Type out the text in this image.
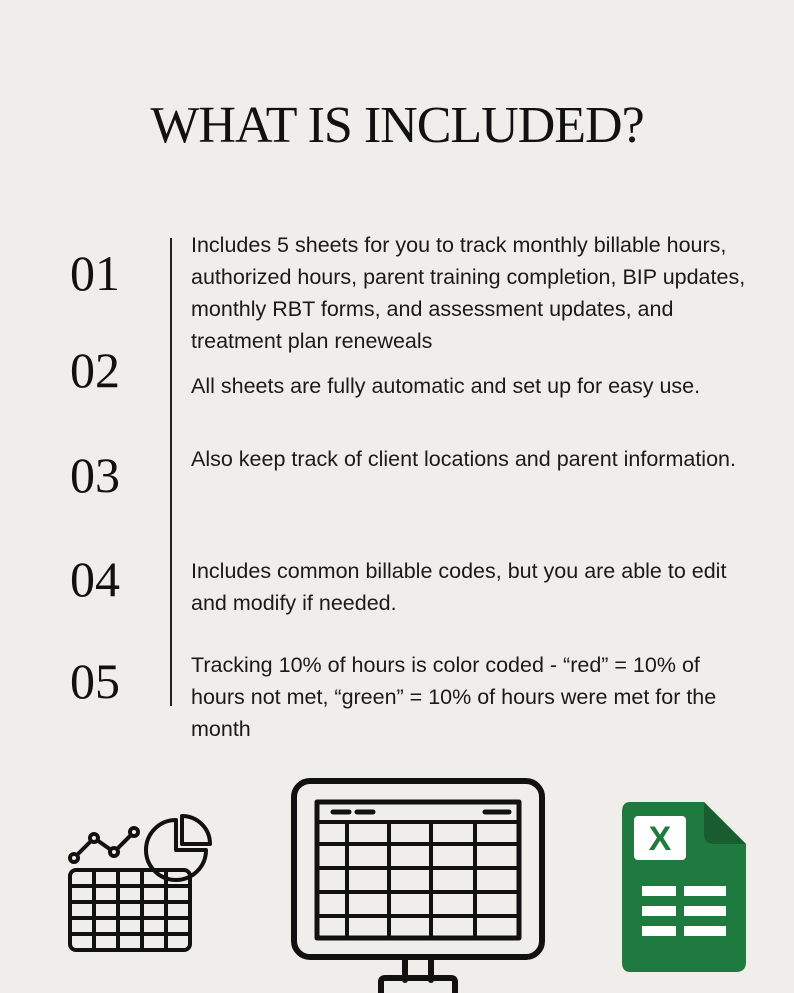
WHAT IS INCLUDED?
01	Includes 5 sheets for you to track monthly billable hours, authorized hours, parent training completion, BIP updates, monthly RBT forms, and assessment updates, and treatment plan reneweals
02	All sheets are fully automatic and set up for easy use.
03	Also keep track of client locations and parent information.
04	Includes common billable codes, but you are able to edit and modify if needed.
05	Tracking 10% of hours is color coded - “red” = 10% of hours not met, “green” = 10% of hours were met for the month
X
